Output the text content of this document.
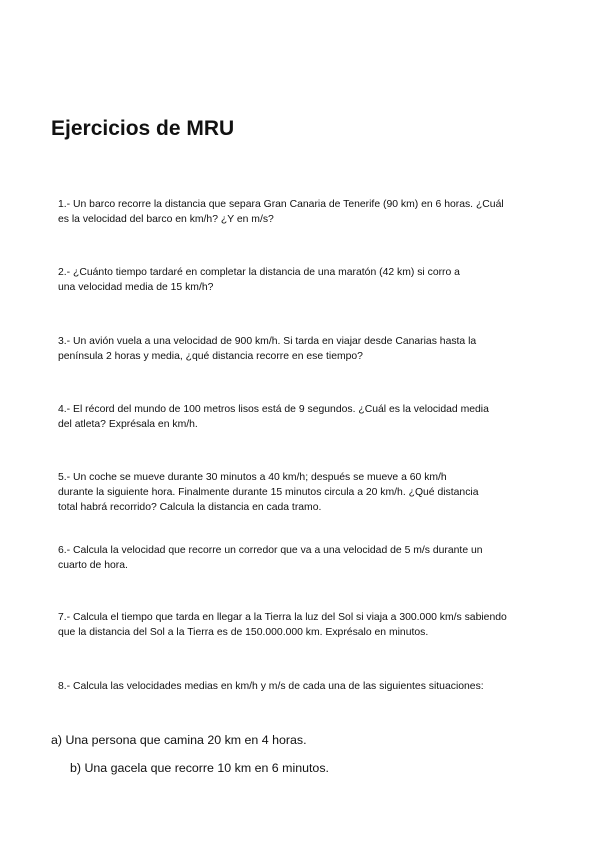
Ejercicios de MRU

1.- Un barco recorre la distancia que separa Gran Canaria de Tenerife (90 km) en 6 horas. ¿Cuál
es la velocidad del barco en km/h? ¿Y en m/s?

2.- ¿Cuánto tiempo tardaré en completar la distancia de una maratón (42 km) si corro a
una velocidad media de 15 km/h?

3.- Un avión vuela a una velocidad de 900 km/h. Si tarda en viajar desde Canarias hasta la
península 2 horas y media, ¿qué distancia recorre en ese tiempo?

4.- El récord del mundo de 100 metros lisos está de 9 segundos. ¿Cuál es la velocidad media
del atleta? Exprésala en km/h.

5.- Un coche se mueve durante 30 minutos a 40 km/h; después se mueve a 60 km/h
durante la siguiente hora. Finalmente durante 15 minutos circula a 20 km/h. ¿Qué distancia
total habrá recorrido? Calcula la distancia en cada tramo.

6.- Calcula la velocidad que recorre un corredor que va a una velocidad de 5 m/s durante un
cuarto de hora.

7.- Calcula el tiempo que tarda en llegar a la Tierra la luz del Sol si viaja a 300.000 km/s sabiendo
que la distancia del Sol a la Tierra es de 150.000.000 km. Exprésalo en minutos.

8.- Calcula las velocidades medias en km/h y m/s de cada una de las siguientes situaciones:

a) Una persona que camina 20 km en 4 horas.

b) Una gacela que recorre 10 km en 6 minutos.
